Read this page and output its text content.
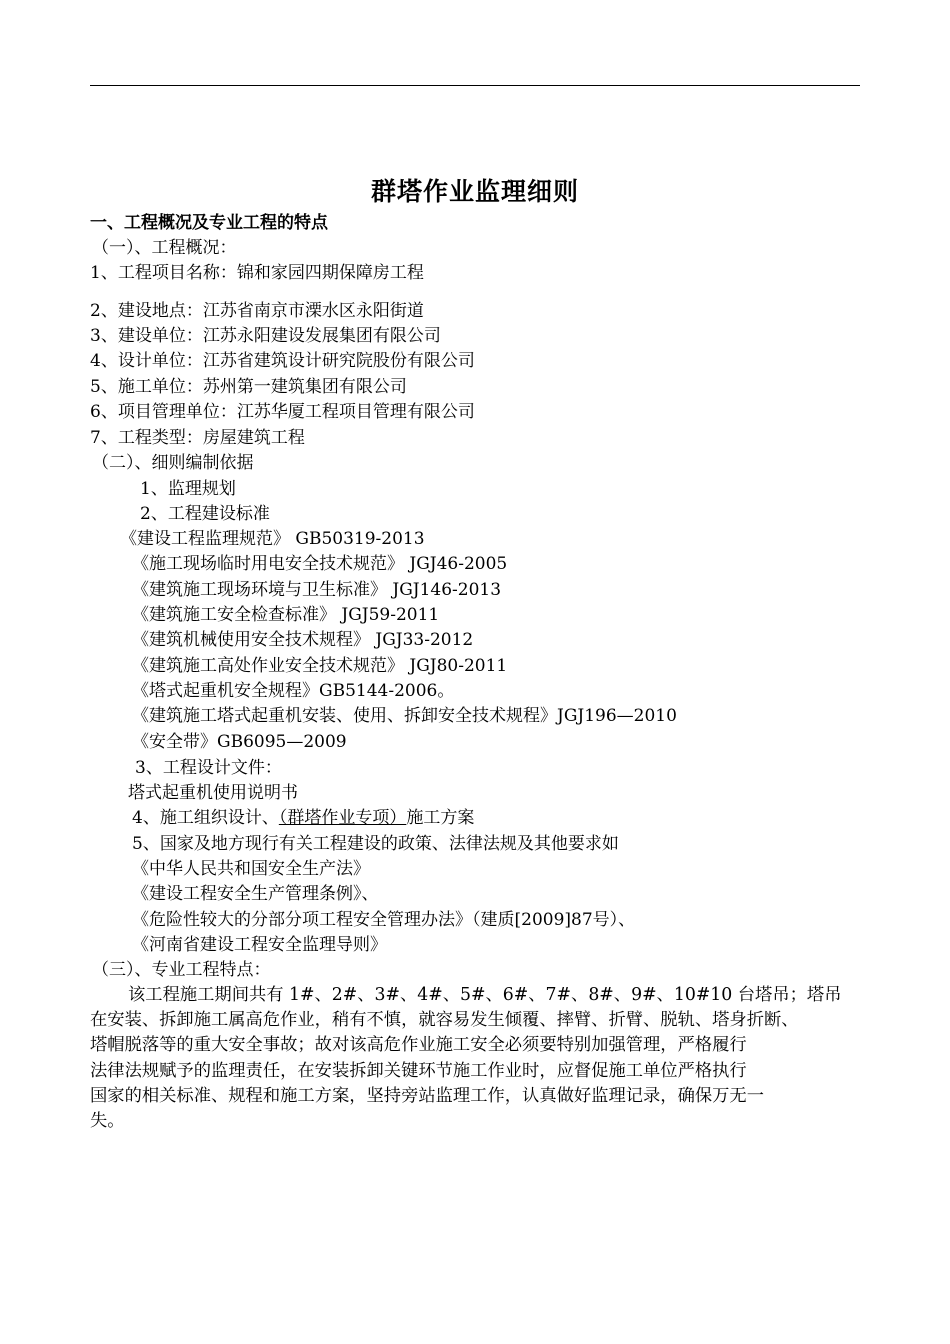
群塔作业监理细则
一、工程概况及专业工程的特点
（一）、工程概况：
1、工程项目名称：锦和家园四期保障房工程
2、建设地点：江苏省南京市溧水区永阳街道
3、建设单位：江苏永阳建设发展集团有限公司
4、设计单位：江苏省建筑设计研究院股份有限公司
5、施工单位：苏州第一建筑集团有限公司
6、项目管理单位：江苏华厦工程项目管理有限公司
7、工程类型：房屋建筑工程
（二）、细则编制依据
1、监理规划
2、工程建设标准
《建设工程监理规范》 GB50319-2013
《施工现场临时用电安全技术规范》 JGJ46-2005
《建筑施工现场环境与卫生标准》 JGJ146-2013
《建筑施工安全检查标准》 JGJ59-2011
《建筑机械使用安全技术规程》 JGJ33-2012
《建筑施工高处作业安全技术规范》 JGJ80-2011
《塔式起重机安全规程》GB5144-2006。
《建筑施工塔式起重机安装、使用、拆卸安全技术规程》JGJ196—2010
《安全带》GB6095—2009
3、工程设计文件：
塔式起重机使用说明书
4、施工组织设计、（群塔作业专项）施工方案
5、国家及地方现行有关工程建设的政策、法律法规及其他要求如
《中华人民共和国安全生产法》
《建设工程安全生产管理条例》、
《危险性较大的分部分项工程安全管理办法》（建质[2009]87号）、
《河南省建设工程安全监理导则》
（三）、专业工程特点：
该工程施工期间共有 1#、2#、3#、4#、5#、6#、7#、8#、9#、10#10 台塔吊；塔吊
在安装、拆卸施工属高危作业，稍有不慎，就容易发生倾覆、摔臂、折臂、脱轨、塔身折断、
塔帽脱落等的重大安全事故；故对该高危作业施工安全必须要特别加强管理，严格履行
法律法规赋予的监理责任，在安装拆卸关键环节施工作业时，应督促施工单位严格执行
国家的相关标准、规程和施工方案，坚持旁站监理工作，认真做好监理记录，确保万无一
失。
